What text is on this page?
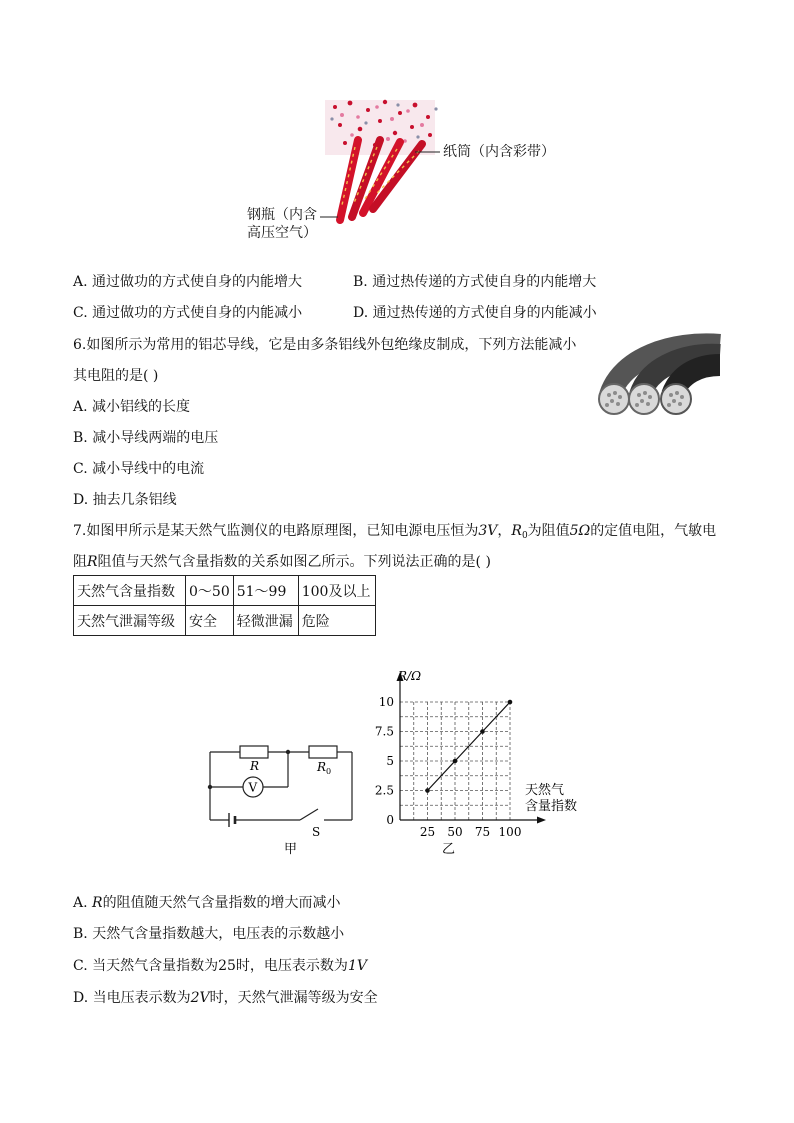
纸筒（内含彩带）
钢瓶（内含
高压空气）
A. 通过做功的方式使自身的内能增大	B. 通过热传递的方式使自身的内能增大
C. 通过做功的方式使自身的内能减小	D. 通过热传递的方式使自身的内能减小
6.如图所示为常用的铝芯导线，它是由多条铝线外包绝缘皮制成，下列方法能减小
其电阻的是( )
A. 减小铝线的长度
B. 减小导线两端的电压
C. 减小导线中的电流
D. 抽去几条铝线
7.如图甲所示是某天然气监测仪的电路原理图，已知电源电压恒为3V，$R_0$为阻值5Ω的定值电阻，气敏电
阻R阻值与天然气含量指数的关系如图乙所示。下列说法正确的是( )
天然气含量指数	0～50	51～99	100及以上
天然气泄漏等级	安全	轻微泄漏	危险
R	$R_0$
V
S
甲
25 50 75 100
2.5
5
7.5
10
0
R/Ω
天然气
含量指数
乙
A. R的阻值随天然气含量指数的增大而减小
B. 天然气含量指数越大，电压表的示数越小
C. 当天然气含量指数为25时，电压表示数为1V
D. 当电压表示数为2V时，天然气泄漏等级为安全
